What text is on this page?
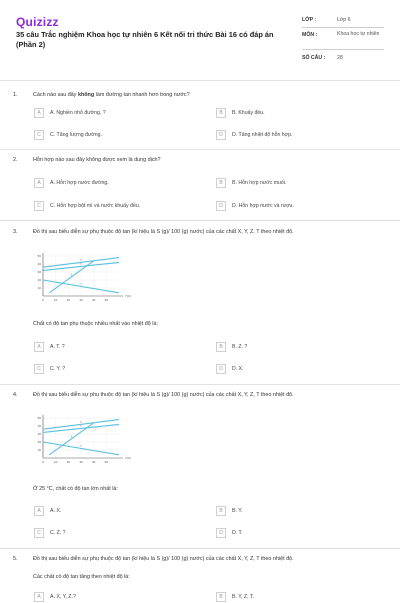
Quizizz
35 câu Trắc nghiệm Khoa học tự nhiên 6 Kết nối tri thức Bài 16 có đáp án (Phần 2)
LỚP :	Lớp 6
MÔN :	Khoa học tự nhiên
SỐ CÂU : 28
1.	Cách nào sau đây không làm đường tan nhanh hơn trong nước?
A	A. Nghiền nhỏ đường. ?	B	B. Khuấy đều.
C	C. Tăng lượng đường.	D	D. Tăng nhiệt độ hỗn hợp.
2.	Hỗn hợp nào sau đây không được xem là dung dịch?
A	A. Hỗn hợp nước đường.	B	B. Hỗn hợp nước muối.
C	C. Hỗn hợp bột mì và nước khuấy đều.	D	D. Hỗn hợp nước và rượu.
3.	Đồ thị sau biểu diễn sự phụ thuộc độ tan (kí hiệu là S (g)/ 100 (g) nước) của các chất X, Y, Z, T theo nhiệt độ.
0	10	20	30	40	50
10
20
30
40
50
t°(C)
X
Y
Z
T
Chất có độ tan phụ thuộc nhiều nhất vào nhiệt độ là:
A	A. T. ?	B	B. Z. ?
C	C. Y. ?	D	D. X.
4.	Đồ thị sau biểu diễn sự phụ thuộc độ tan (kí hiệu là S (g)/ 100 (g) nước) của các chất X, Y, Z, T theo nhiệt độ.
0	10	20	30	40	50
10
20
30
40
50
t°(C)
X
Y
Z
T
Ở 25 °C, chất có độ tan lớn nhất là:
A	A. X.	B	B. Y.
C	C. Z. ?	D	D. T.
5.	Đồ thị sau biểu diễn sự phụ thuộc độ tan (kí hiệu là S (g)/ 100 (g) nước) của các chất X, Y, Z, T theo nhiệt độ.
Các chất có độ tan tăng theo nhiệt độ là:
A	A. X, Y, Z.?	B	B. Y, Z, T.
